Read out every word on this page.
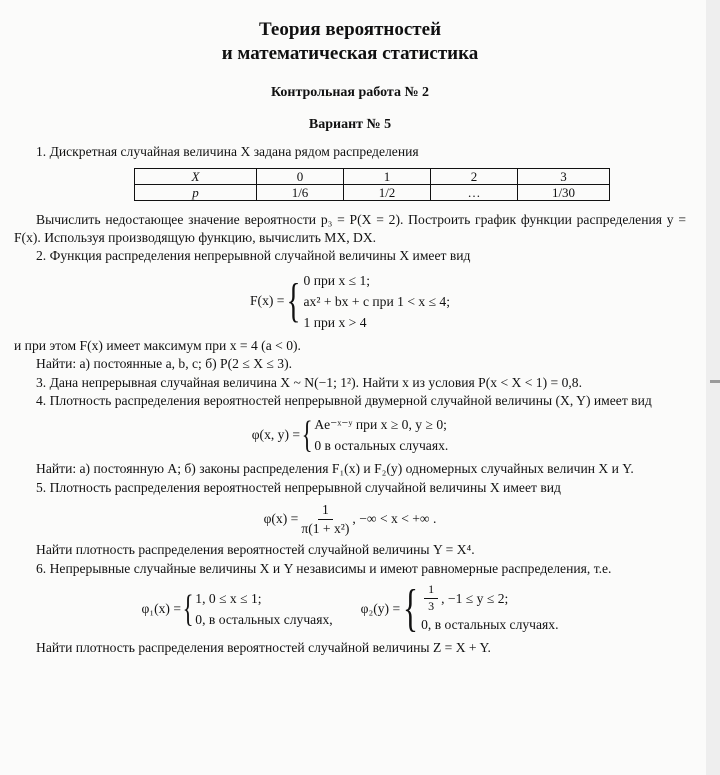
Теория вероятностей
и математическая статистика
Контрольная работа № 2
Вариант № 5
1. Дискретная случайная величина X задана рядом распределения
X	0	1	2	3
p	1/6	1/2	…	1/30
Вычислить недостающее значение вероятности p₃ = P(X = 2). Построить график функции распределения y = F(x). Используя производящую функцию, вычислить MX, DX.
2. Функция распределения непрерывной случайной величины X имеет вид
F(x) = { 0 при x ≤ 1;
ax² + bx + c при 1 < x ≤ 4;
1 при x > 4
и при этом F(x) имеет максимум при x = 4 (a < 0).
Найти: а) постоянные a, b, c; б) P(2 ≤ X ≤ 3).
3. Дана непрерывная случайная величина X ~ N(−1; 1²). Найти x из условия P(x < X < 1) = 0,8.
4. Плотность распределения вероятностей непрерывной двумерной случайной величины (X, Y) имеет вид
φ(x, y) = { Ae⁻ˣ⁻ʸ при x ≥ 0, y ≥ 0;
0 в остальных случаях.
Найти: а) постоянную A; б) законы распределения F₁(x) и F₂(y) одномерных случайных величин X и Y.
5. Плотность распределения вероятностей непрерывной случайной величины X имеет вид
$\varphi(x) = \frac{1}{\text{π(1 + x²)}}$ , −∞ < x < +∞ .
Найти плотность распределения вероятностей случайной величины Y = X⁴.
6. Непрерывные случайные величины X и Y независимы и имеют равномерные распределения, т.е.
φ₁(x) = { 1, 0 ≤ x ≤ 1;
0, в остальных случаях,
φ₂(y) = { $\frac{1}{3}$ , −1 ≤ y ≤ 2;
0, в остальных случаях.
Найти плотность распределения вероятностей случайной величины Z = X + Y.
